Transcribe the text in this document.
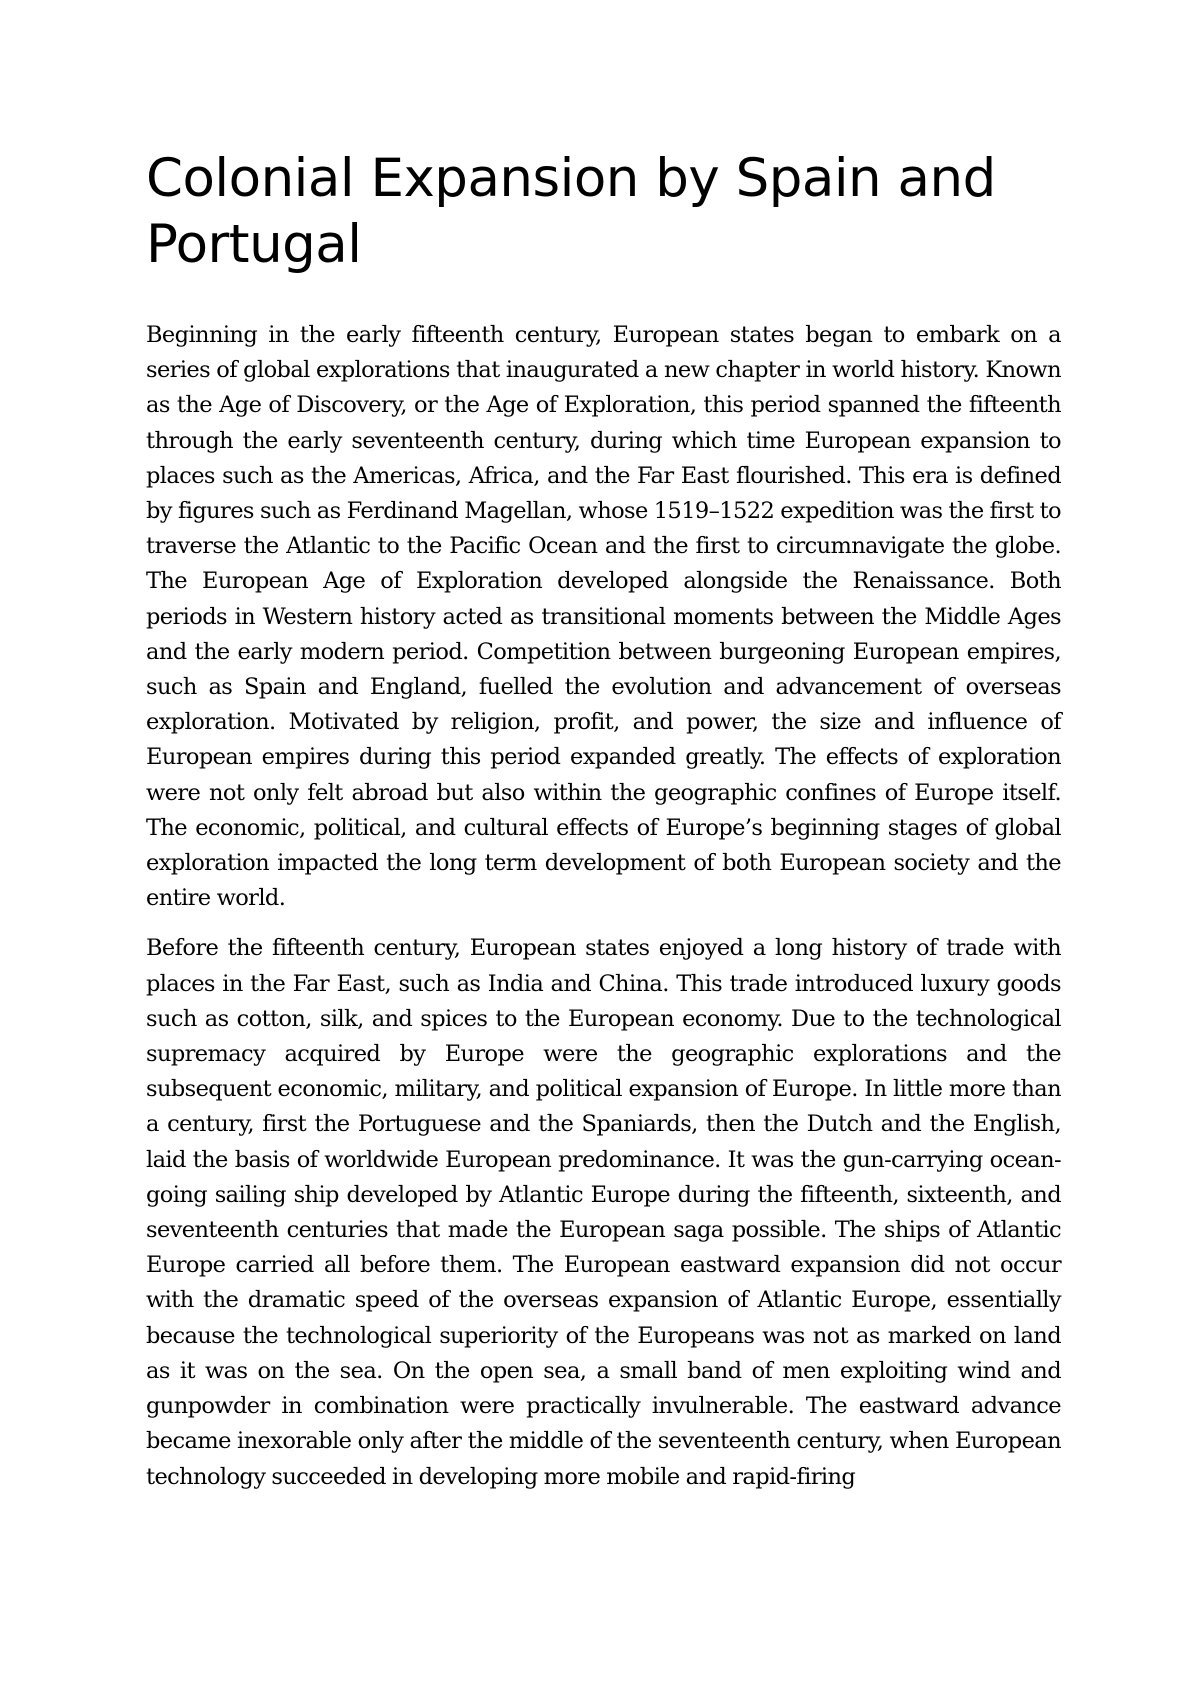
Colonial Expansion by Spain and Portugal

Beginning in the early fifteenth century, European states began to embark on a series of global explorations that inaugurated a new chapter in world history. Known as the Age of Discovery, or the Age of Exploration, this period spanned the fifteenth through the early seventeenth century, during which time European expansion to places such as the Americas, Africa, and the Far East flourished. This era is defined by figures such as Ferdinand Magellan, whose 1519–1522 expedition was the first to traverse the Atlantic to the Pacific Ocean and the first to circumnavigate the globe. The European Age of Exploration developed alongside the Renaissance. Both periods in Western history acted as transitional moments between the Middle Ages and the early modern period. Competition between burgeoning European empires, such as Spain and England, fuelled the evolution and advancement of overseas exploration. Motivated by religion, profit, and power, the size and influence of European empires during this period expanded greatly. The effects of exploration were not only felt abroad but also within the geographic confines of Europe itself. The economic, political, and cultural effects of Europe’s beginning stages of global exploration impacted the long term development of both European society and the entire world.

Before the fifteenth century, European states enjoyed a long history of trade with places in the Far East, such as India and China. This trade introduced luxury goods such as cotton, silk, and spices to the European economy. Due to the technological supremacy acquired by Europe were the geographic explorations and the subsequent economic, military, and political expansion of Europe. In little more than a century, first the Portuguese and the Spaniards, then the Dutch and the English, laid the basis of worldwide European predominance. It was the gun-carrying ocean-going sailing ship developed by Atlantic Europe during the fifteenth, sixteenth, and seventeenth centuries that made the European saga possible. The ships of Atlantic Europe carried all before them. The European eastward expansion did not occur with the dramatic speed of the overseas expansion of Atlantic Europe, essentially because the technological superiority of the Europeans was not as marked on land as it was on the sea. On the open sea, a small band of men exploiting wind and gunpowder in combination were practically invulnerable. The eastward advance became inexorable only after the middle of the seventeenth century, when European technology succeeded in developing more mobile and rapid-firing
